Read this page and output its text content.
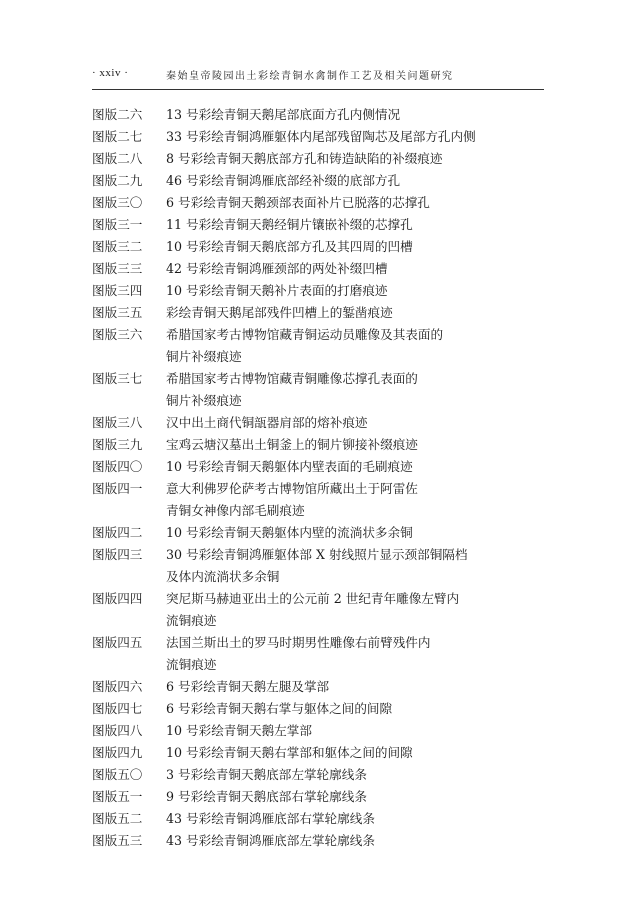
· xxiv ·	秦始皇帝陵园出土彩绘青铜水禽制作工艺及相关问题研究
图版二六	13 号彩绘青铜天鹅尾部底面方孔内侧情况
图版二七	33 号彩绘青铜鸿雁躯体内尾部残留陶芯及尾部方孔内侧
图版二八	8 号彩绘青铜天鹅底部方孔和铸造缺陷的补缀痕迹
图版二九	46 号彩绘青铜鸿雁底部经补缀的底部方孔
图版三〇	6 号彩绘青铜天鹅颈部表面补片已脱落的芯撑孔
图版三一	11 号彩绘青铜天鹅经铜片镶嵌补缀的芯撑孔
图版三二	10 号彩绘青铜天鹅底部方孔及其四周的凹槽
图版三三	42 号彩绘青铜鸿雁颈部的两处补缀凹槽
图版三四	10 号彩绘青铜天鹅补片表面的打磨痕迹
图版三五	彩绘青铜天鹅尾部残件凹槽上的錾凿痕迹
图版三六	希腊国家考古博物馆藏青铜运动员雕像及其表面的
铜片补缀痕迹
图版三七	希腊国家考古博物馆藏青铜雕像芯撑孔表面的
铜片补缀痕迹
图版三八	汉中出土商代铜瓿器肩部的熔补痕迹
图版三九	宝鸡云塘汉墓出土铜釜上的铜片铆接补缀痕迹
图版四〇	10 号彩绘青铜天鹅躯体内壁表面的毛刷痕迹
图版四一	意大利佛罗伦萨考古博物馆所藏出土于阿雷佐
青铜女神像内部毛刷痕迹
图版四二	10 号彩绘青铜天鹅躯体内壁的流淌状多余铜
图版四三	30 号彩绘青铜鸿雁躯体部 X 射线照片显示颈部铜隔档
及体内流淌状多余铜
图版四四	突尼斯马赫迪亚出土的公元前 2 世纪青年雕像左臂内
流铜痕迹
图版四五	法国兰斯出土的罗马时期男性雕像右前臂残件内
流铜痕迹
图版四六	6 号彩绘青铜天鹅左腿及掌部
图版四七	6 号彩绘青铜天鹅右掌与躯体之间的间隙
图版四八	10 号彩绘青铜天鹅左掌部
图版四九	10 号彩绘青铜天鹅右掌部和躯体之间的间隙
图版五〇	3 号彩绘青铜天鹅底部左掌轮廓线条
图版五一	9 号彩绘青铜天鹅底部右掌轮廓线条
图版五二	43 号彩绘青铜鸿雁底部右掌轮廓线条
图版五三	43 号彩绘青铜鸿雁底部左掌轮廓线条
